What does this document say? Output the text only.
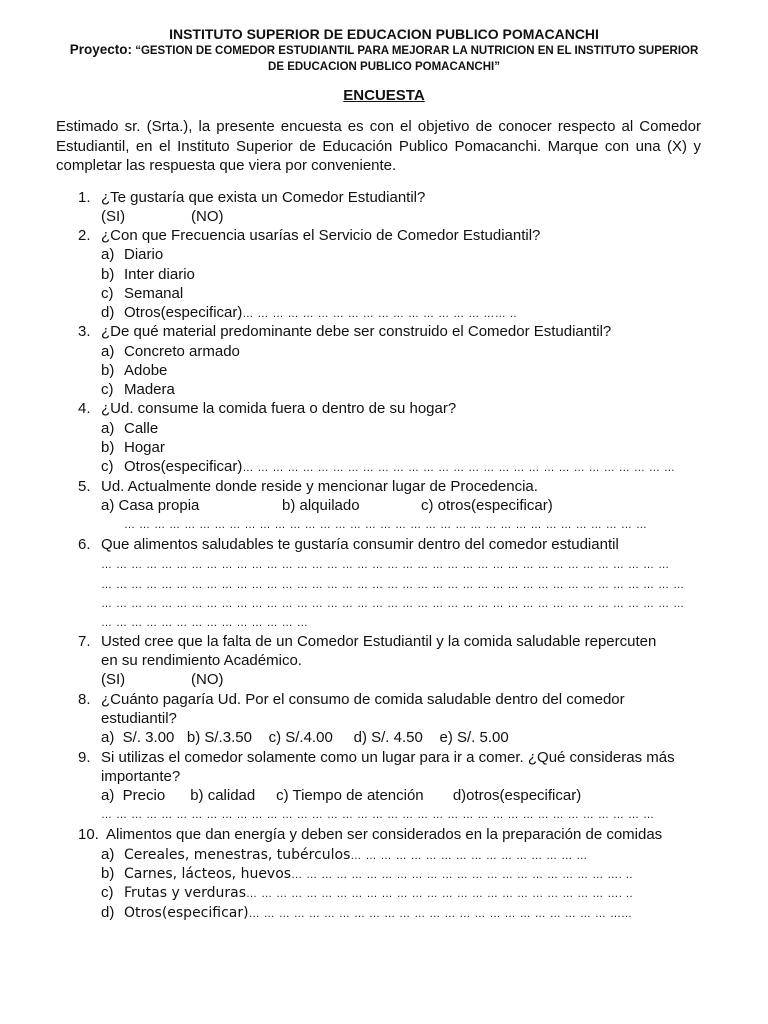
INSTITUTO SUPERIOR DE EDUCACION PUBLICO POMACANCHI
Proyecto: “GESTION DE COMEDOR ESTUDIANTIL PARA MEJORAR LA NUTRICION EN EL INSTITUTO SUPERIOR
DE EDUCACION PUBLICO POMACANCHI”
ENCUESTA
Estimado sr. (Srta.), la presente encuesta es con el objetivo de conocer respecto al Comedor Estudiantil, en el Instituto Superior de Educación Publico Pomacanchi. Marque con una (X) y completar las respuesta que viera por conveniente.
1. ¿Te gustaría que exista un Comedor Estudiantil?
(SI)	(NO)
2. ¿Con que Frecuencia usarías el Servicio de Comedor Estudiantil?
a) Diario
b) Inter diario
c) Semanal
d) Otros(especificar)… … … … … … … … … … … … … … … … …… ..
3. ¿De qué material predominante debe ser construido el Comedor Estudiantil?
a) Concreto armado
b) Adobe
c) Madera
4. ¿Ud. consume la comida fuera o dentro de su hogar?
a) Calle
b) Hogar
c) Otros(especificar)… … … … … … … … … … … … … … … … … … … … … … … … … … … … …
5. Ud. Actualmente donde reside y mencionar lugar de Procedencia.
a) Casa propia	b) alquilado	c) otros(especificar)
… … … … … … … … … … … … … … … … … … … … … … … … … … … … … … … … … … …
6. Que alimentos saludables te gustaría consumir dentro del comedor estudiantil
… … … … … … … … … … … … … … … … … … … … … … … … … … … … … … … … … … … … … …
… … … … … … … … … … … … … … … … … … … … … … … … … … … … … … … … … … … … … … …
… … … … … … … … … … … … … … … … … … … … … … … … … … … … … … … … … … … … … … …
… … … … … … … … … … … … … …
7. Usted cree que la falta de un Comedor Estudiantil y la comida saludable repercuten
en su rendimiento Académico.
(SI)	(NO)
8. ¿Cuánto pagaría Ud. Por el consumo de comida saludable dentro del comedor
estudiantil?
a)  S/. 3.00   b) S/.3.50    c) S/.4.00     d) S/. 4.50    e) S/. 5.00
9. Si utilizas el comedor solamente como un lugar para ir a comer. ¿Qué consideras más
importante?
a)  Precio      b) calidad     c) Tiempo de atención       d)otros(especificar)
… … … … … … … … … … … … … … … … … … … … … … … … … … … … … … … … … … … … …
10. Alimentos que dan energía y deben ser considerados en la preparación de comidas
a) Cereales, menestras, tubérculos… … … … … … … … … … … … … … … …
b) Carnes, lácteos, huevos… … … … … … … … … … … … … … … … … … … … … …. ..
c) Frutas y verduras… … … … … … … … … … … … … … … … … … … … … … … … …. ..
d) Otros(especificar)… … … … … … … … … … … … … … … … … … … … … … … … …...
